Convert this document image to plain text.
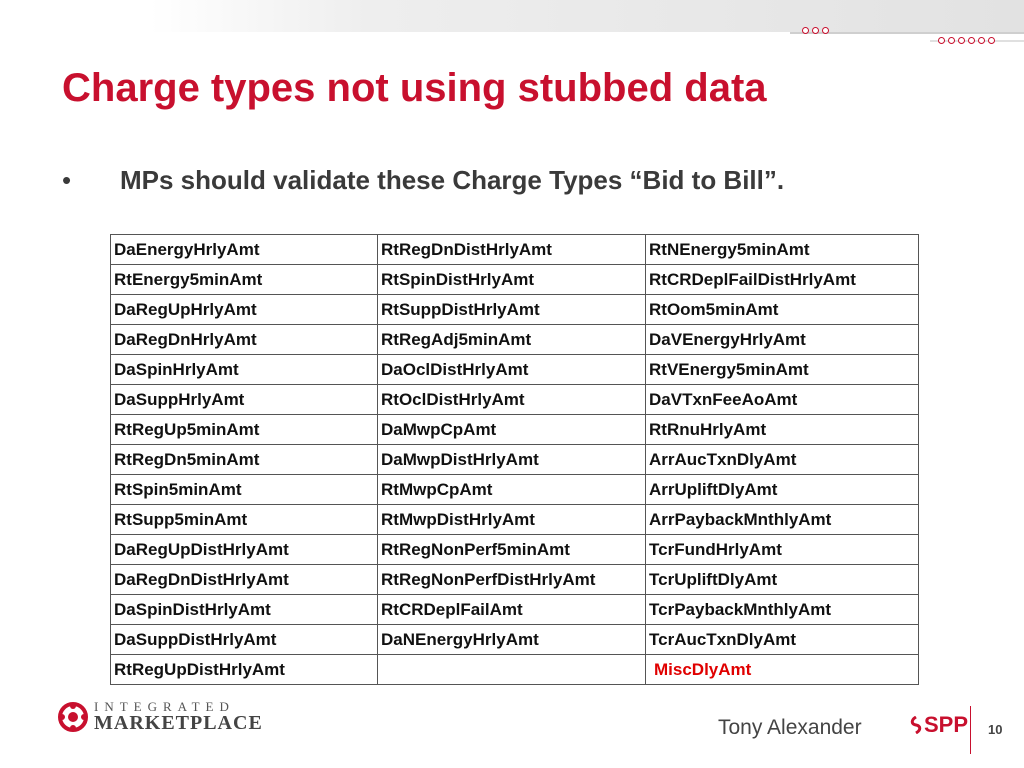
Charge types not using stubbed data
•	MPs should validate these Charge Types “Bid to Bill”.
DaEnergyHrlyAmt	RtRegDnDistHrlyAmt	RtNEnergy5minAmt
RtEnergy5minAmt	RtSpinDistHrlyAmt	RtCRDeplFailDistHrlyAmt
DaRegUpHrlyAmt	RtSuppDistHrlyAmt	RtOom5minAmt
DaRegDnHrlyAmt	RtRegAdj5minAmt	DaVEnergyHrlyAmt
DaSpinHrlyAmt	DaOclDistHrlyAmt	RtVEnergy5minAmt
DaSuppHrlyAmt	RtOclDistHrlyAmt	DaVTxnFeeAoAmt
RtRegUp5minAmt	DaMwpCpAmt	RtRnuHrlyAmt
RtRegDn5minAmt	DaMwpDistHrlyAmt	ArrAucTxnDlyAmt
RtSpin5minAmt	RtMwpCpAmt	ArrUpliftDlyAmt
RtSupp5minAmt	RtMwpDistHrlyAmt	ArrPaybackMnthlyAmt
DaRegUpDistHrlyAmt	RtRegNonPerf5minAmt	TcrFundHrlyAmt
DaRegDnDistHrlyAmt	RtRegNonPerfDistHrlyAmt	TcrUpliftDlyAmt
DaSpinDistHrlyAmt	RtCRDeplFailAmt	TcrPaybackMnthlyAmt
DaSuppDistHrlyAmt	DaNEnergyHrlyAmt	TcrAucTxnDlyAmt
RtRegUpDistHrlyAmt		MiscDlyAmt
INTEGRATED
MARKETPLACE	Tony Alexander	SPP 10
